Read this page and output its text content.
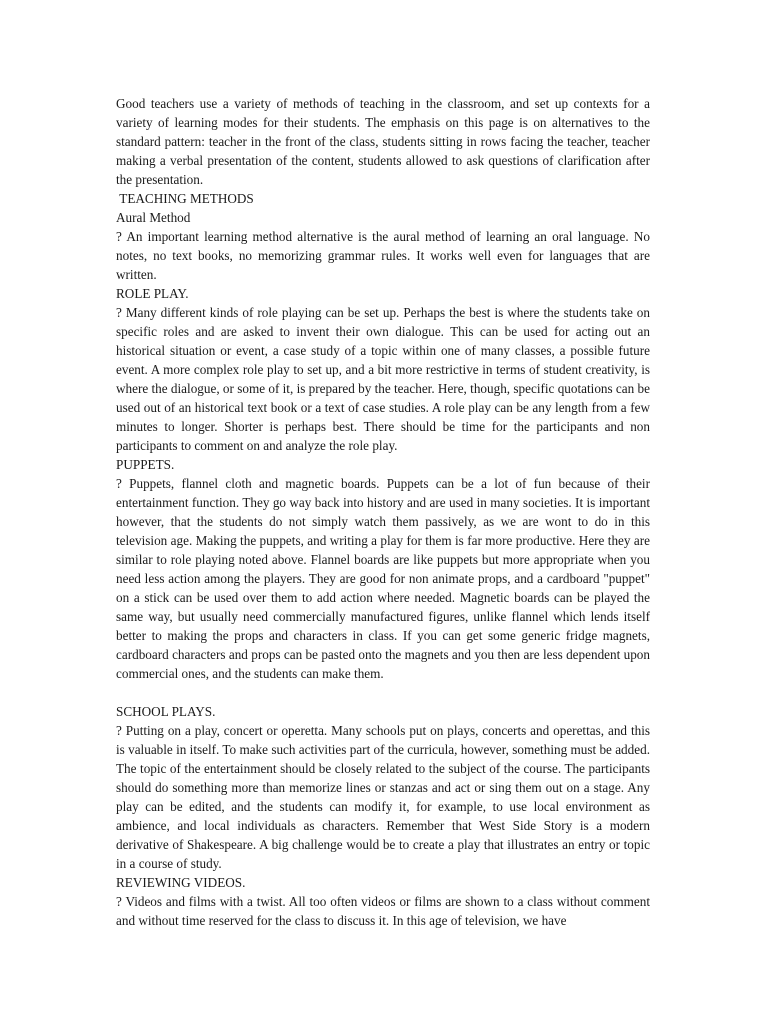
Good teachers use a variety of methods of teaching in the classroom, and set up contexts for a variety of learning modes for their students. The emphasis on this page is on alternatives to the standard pattern: teacher in the front of the class, students sitting in rows facing the teacher, teacher making a verbal presentation of the content, students allowed to ask questions of clarification after the presentation.

TEACHING METHODS
Aural Method

? An important learning method alternative is the aural method of learning an oral language. No notes, no text books, no memorizing grammar rules. It works well even for languages that are written.

ROLE PLAY.

? Many different kinds of role playing can be set up. Perhaps the best is where the students take on specific roles and are asked to invent their own dialogue. This can be used for acting out an historical situation or event, a case study of a topic within one of many classes, a possible future event. A more complex role play to set up, and a bit more restrictive in terms of student creativity, is where the dialogue, or some of it, is prepared by the teacher. Here, though, specific quotations can be used out of an historical text book or a text of case studies. A role play can be any length from a few minutes to longer. Shorter is perhaps best. There should be time for the participants and non participants to comment on and analyze the role play.

PUPPETS.

? Puppets, flannel cloth and magnetic boards. Puppets can be a lot of fun because of their entertainment function. They go way back into history and are used in many societies. It is important however, that the students do not simply watch them passively, as we are wont to do in this television age. Making the puppets, and writing a play for them is far more productive. Here they are similar to role playing noted above. Flannel boards are like puppets but more appropriate when you need less action among the players. They are good for non animate props, and a cardboard "puppet" on a stick can be used over them to add action where needed. Magnetic boards can be played the same way, but usually need commercially manufactured figures, unlike flannel which lends itself better to making the props and characters in class. If you can get some generic fridge magnets, cardboard characters and props can be pasted onto the magnets and you then are less dependent upon commercial ones, and the students can make them.

SCHOOL PLAYS.

? Putting on a play, concert or operetta. Many schools put on plays, concerts and operettas, and this is valuable in itself. To make such activities part of the curricula, however, something must be added. The topic of the entertainment should be closely related to the subject of the course. The participants should do something more than memorize lines or stanzas and act or sing them out on a stage. Any play can be edited, and the students can modify it, for example, to use local environment as ambience, and local individuals as characters. Remember that West Side Story is a modern derivative of Shakespeare. A big challenge would be to create a play that illustrates an entry or topic in a course of study.

REVIEWING VIDEOS.

? Videos and films with a twist. All too often videos or films are shown to a class without comment and without time reserved for the class to discuss it. In this age of television, we have
